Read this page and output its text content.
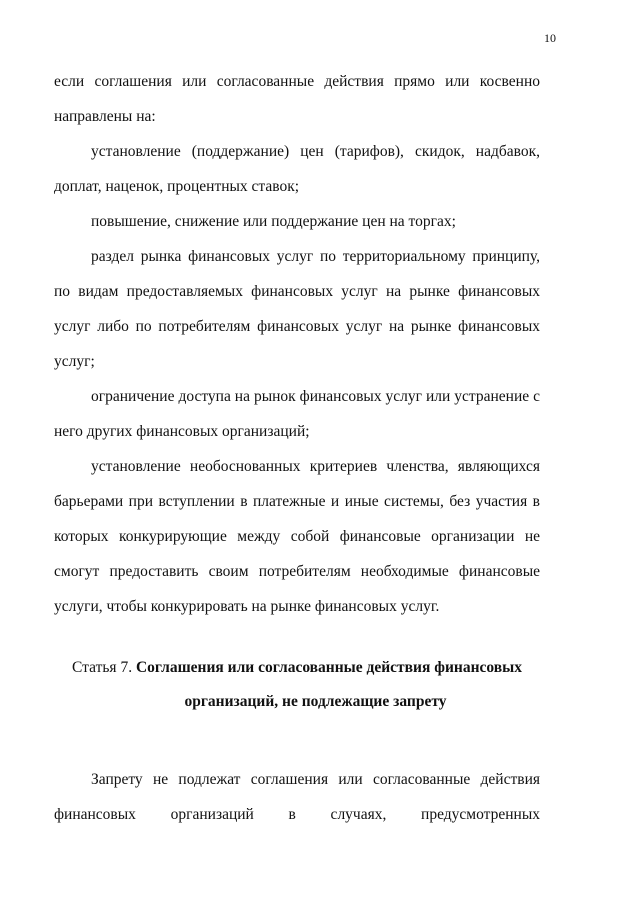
10

если соглашения или согласованные действия прямо или косвенно направлены на:

установление (поддержание) цен (тарифов), скидок, надбавок, доплат, наценок, процентных ставок;

повышение, снижение или поддержание цен на торгах;

раздел рынка финансовых услуг по территориальному принципу, по видам предоставляемых финансовых услуг на рынке финансовых услуг либо по потребителям финансовых услуг на рынке финансовых услуг;

ограничение доступа на рынок финансовых услуг или устранение с него других финансовых организаций;

установление необоснованных критериев членства, являющихся барьерами при вступлении в платежные и иные системы, без участия в которых конкурирующие между собой финансовые организации не смогут предоставить своим потребителям необходимые финансовые услуги, чтобы конкурировать на рынке финансовых услуг.

Статья 7. Соглашения или согласованные действия финансовых
организаций, не подлежащие запрету

Запрету не подлежат соглашения или согласованные действия

финансовых организаций в случаях, предусмотренных
